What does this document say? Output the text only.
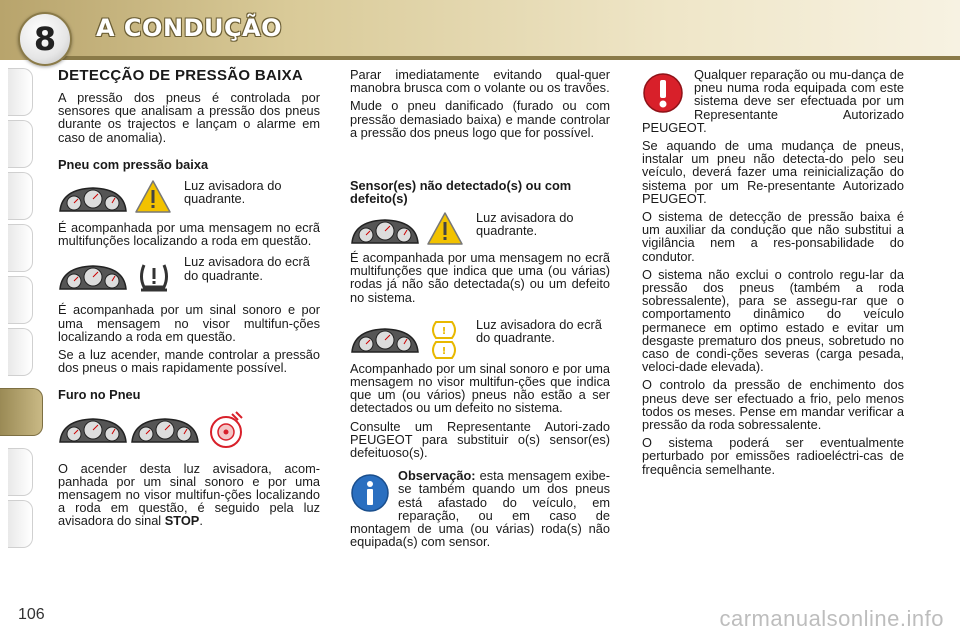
8 A CONDUÇÃO
DETECÇÃO DE PRESSÃO BAIXA

A pressão dos pneus é controlada por sensores que analisam a pressão dos pneus durante os trajectos e lançam o alarme em caso de anomalia).

Pneu com pressão baixa
Luz avisadora do quadrante.

É acompanhada por uma mensagem no ecrã multifunções localizando a roda em questão.

Luz avisadora do ecrã do quadrante.

É acompanhada por um sinal sonoro e por uma mensagem no visor multifun-ções localizando a roda em questão.

Se a luz acender, mande controlar a pressão dos pneus o mais rapidamente possível.

Furo no Pneu

O acender desta luz avisadora, acom-panhada por um sinal sonoro e por uma mensagem no visor multifun-ções localizando a roda em questão, é seguido pela luz avisadora do sinal STOP.

Parar imediatamente evitando qual-quer manobra brusca com o volante ou os travões.

Mude o pneu danificado (furado ou com pressão demasiado baixa) e mande controlar a pressão dos pneus logo que for possível.

Sensor(es) não detectado(s) ou com defeito(s)
Luz avisadora do quadrante.

É acompanhada por uma mensagem no ecrã multifunções que indica que uma (ou várias) rodas já não são detectada(s) ou um defeito no sistema.

!
!
Luz avisadora do ecrã do quadrante.

Acompanhado por um sinal sonoro e por uma mensagem no visor multifun-ções que indica que um (ou vários) pneus não estão a ser detectados ou um defeito no sistema.

Consulte um Representante Autori-zado PEUGEOT para substituir o(s) sensor(es) defeituoso(s).

Observação: esta mensagem exibe-se também quando um dos pneus está afastado do veículo, em reparação, ou em caso de montagem de uma (ou várias) roda(s) não equipada(s) com sensor.

Qualquer reparação ou mu-dança de pneu numa roda equipada com este sistema deve ser efectuada por um Representante Autorizado PEUGEOT.

Se aquando de uma mudança de pneus, instalar um pneu não detecta-do pelo seu veículo, deverá fazer uma reinicialização do sistema por um Re-presentante Autorizado PEUGEOT.

O sistema de detecção de pressão baixa é um auxiliar da condução que não substitui a vigilância nem a res-ponsabilidade do condutor.

O sistema não exclui o controlo regu-lar da pressão dos pneus (também a roda sobressalente), para se assegu-rar que o comportamento dinâmico do veículo permanece em optimo estado e evitar um desgaste prematuro dos pneus, sobretudo no caso de condi-ções severas (carga pesada, veloci-dade elevada).

O controlo da pressão de enchimento dos pneus deve ser efectuado a frio, pelo menos todos os meses. Pense em mandar verificar a pressão da roda sobressalente.

O sistema poderá ser eventualmente perturbado por emissões radioeléctri-cas de frequência semelhante.

106	carmanualsonline.info
